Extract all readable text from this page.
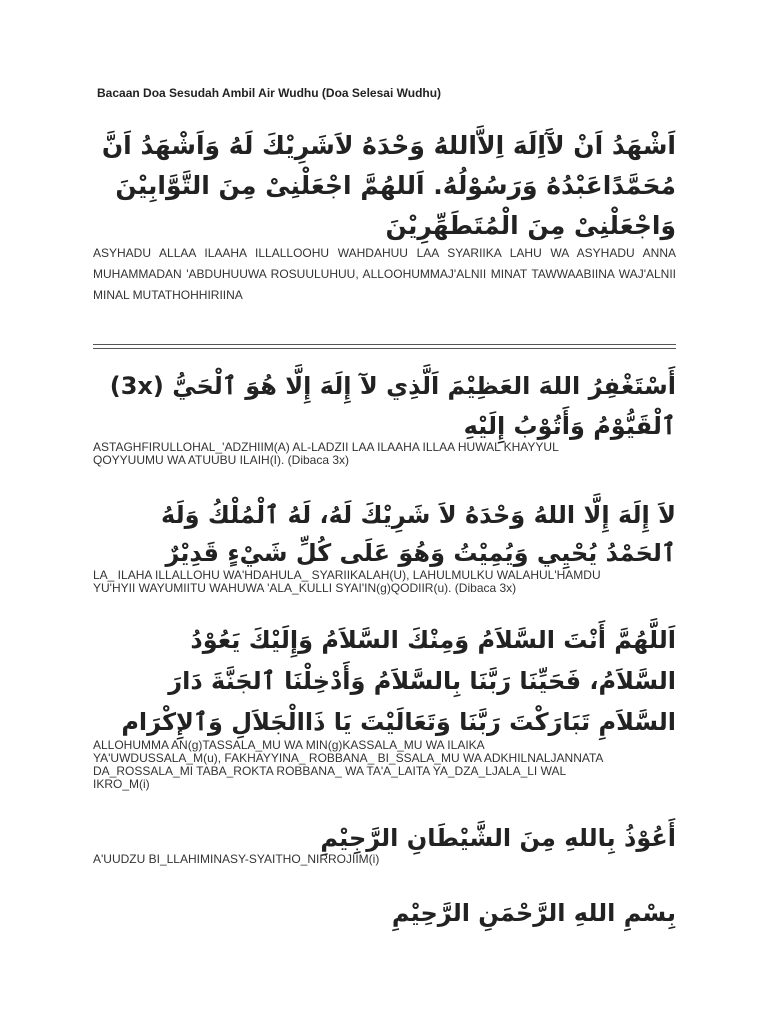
Bacaan Doa Sesudah Ambil Air Wudhu (Doa Selesai Wudhu)
اَشْهَدُ اَنْ لآَاِلَهَ اِلاَّاللهُ وَحْدَهُ لاَشَرِيْكَ لَهُ وَاَشْهَدُ اَنَّ
مُحَمَّدًاعَبْدُهُ وَرَسُوْلُهُ. اَللهُمَّ اجْعَلْنِىْ مِنَ التَّوَّابِيْنَ
وَاجْعَلْنِىْ مِنَ الْمُتَطَهِّرِيْنَ
ASYHADU ALLAA ILAAHA ILLALLOOHU WAHDAHUU LAA SYARIIKA LAHU WA ASYHADU ANNA MUHAMMADAN 'ABDUHUUWA ROSUULUHUU, ALLOOHUMMAJ'ALNII MINAT TAWWAABIINA WAJ'ALNII MINAL MUTATHOHHIRIINA
أَسْتَغْفِرُ اللهَ العَظِيْمَ اَلَّذِي لآ إِلَهَ إِلَّا هُوَ ٱلْحَيُّ (3x)
ٱلْقَيُّوْمُ وَأَتُوْبُ إِلَيْهِ
ASTAGHFIRULLOHAL_'ADZHIIM(A) AL-LADZII LAA ILAAHA ILLAA HUWAL KHAYYUL
QOYYUUMU WA ATUUBU ILAIH(I). (Dibaca 3x)
لاَ إِلَهَ إِلَّا اللهُ وَحْدَهُ لاَ شَرِيْكَ لَهُ، لَهُ ٱلْمُلْكُ وَلَهُ
ٱلحَمْدُ يُحْيِي وَيُمِيْتُ وَهُوَ عَلَى كُلِّ شَيْءٍ قَدِيْرٌ
LA_ ILAHA ILLALLOHU WA'HDAHULA_ SYARIIKALAH(U), LAHULMULKU WALAHUL'HAMDU
YU'HYII WAYUMIITU WAHUWA 'ALA_KULLI SYAI'IN(g)QODIIR(u). (Dibaca 3x)
اَللَّهُمَّ أَنْتَ السَّلاَمُ وَمِنْكَ السَّلاَمُ وَإِلَيْكَ يَعُوْدُ
السَّلاَمُ، فَحَيِّنَا رَبَّنَا بِالسَّلاَمُ وَأَدْخِلْنَا ٱلجَنَّةَ دَارَ
السَّلاَمِ تَبَارَكْتَ رَبَّنَا وَتَعَالَيْتَ يَا ذَاالْجَلاَلِ وَٱلإِكْرَام
ALLOHUMMA AN(g)TASSALA_MU WA MIN(g)KASSALA_MU WA ILAIKA
YA'UWDUSSALA_M(u), FAKHAYYINA_ ROBBANA_ BI_SSALA_MU WA ADKHILNALJANNATA
DA_ROSSALA_MI TABA_ROKTA ROBBANA_ WA TA'A_LAITA YA_DZA_LJALA_LI WAL
IKRO_M(i)
أَعُوْذُ بِاللهِ مِنَ الشَّيْطَانِ الرَّجِيْمِ
A'UUDZU BI_LLAHIMINASY-SYAITHO_NIRROJIIM(i)
بِسْمِ اللهِ الرَّحْمَنِ الرَّحِيْمِ
